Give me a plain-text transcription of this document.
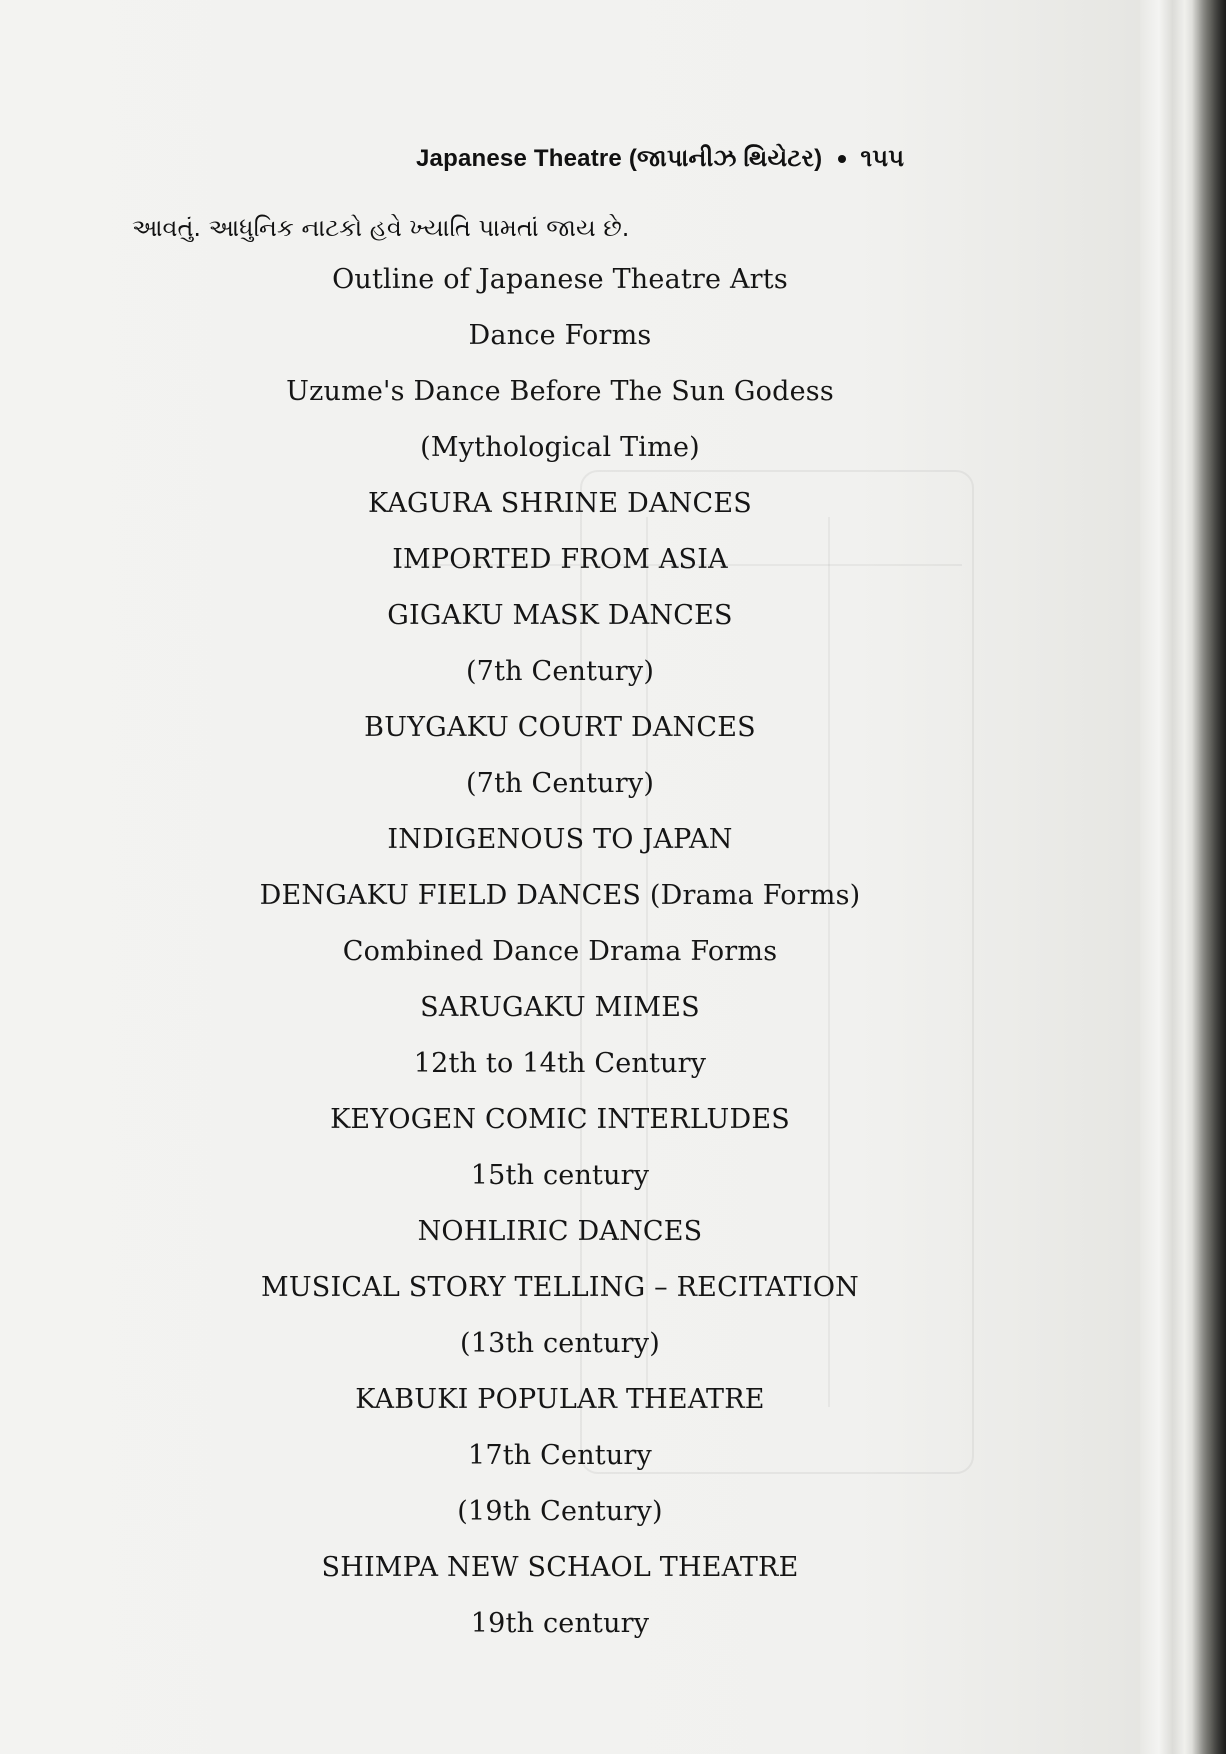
Japanese Theatre (જાપાનીઝ થિયેટર) ૧૫૫
આવતું. આધુનિક નાટકો હવે ખ્યાતિ પામતાં જાય છે.
Outline of Japanese Theatre Arts
Dance Forms
Uzume's Dance Before The Sun Godess
(Mythological Time)
KAGURA SHRINE DANCES
IMPORTED FROM ASIA
GIGAKU MASK DANCES
(7th Century)
BUYGAKU COURT DANCES
(7th Century)
INDIGENOUS TO JAPAN
DENGAKU FIELD DANCES (Drama Forms)
Combined Dance Drama Forms
SARUGAKU MIMES
12th to 14th Century
KEYOGEN COMIC INTERLUDES
15th century
NOHLIRIC DANCES
MUSICAL STORY TELLING – RECITATION
(13th century)
KABUKI POPULAR THEATRE
17th Century
(19th Century)
SHIMPA NEW SCHAOL THEATRE
19th century
